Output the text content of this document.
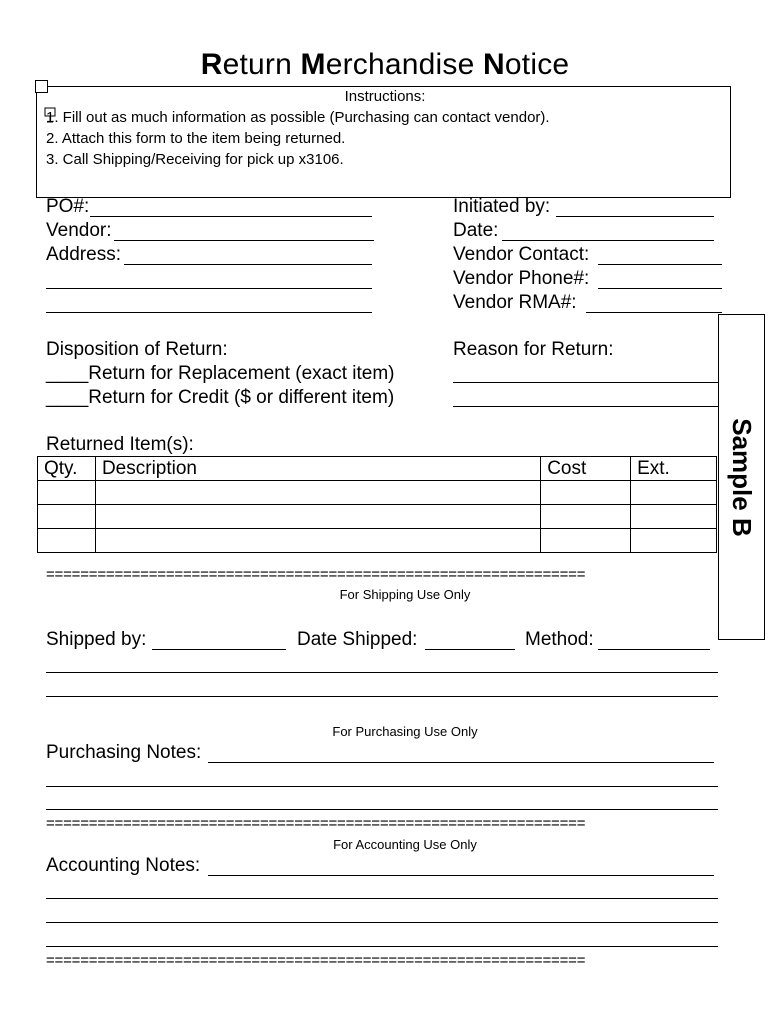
Return Merchandise Notice
Instructions:
1. Fill out as much information as possible (Purchasing can contact vendor).
2. Attach this form to the item being returned.
3. Call Shipping/Receiving for pick up x3106.
PO#:
Vendor:
Address:
Initiated by:
Date:
Vendor Contact:
Vendor Phone#:
Vendor RMA#:
Disposition of Return:
____Return for Replacement (exact item)
____Return for Credit ($ or different item)
Reason for Return:
Sample B
Returned Item(s):
Qty.	Description	Cost	Ext.

===============================================================
For Shipping Use Only
Shipped by:	Date Shipped:	Method:
For Purchasing Use Only
Purchasing Notes:
===============================================================
For Accounting Use Only
Accounting Notes:
===============================================================
